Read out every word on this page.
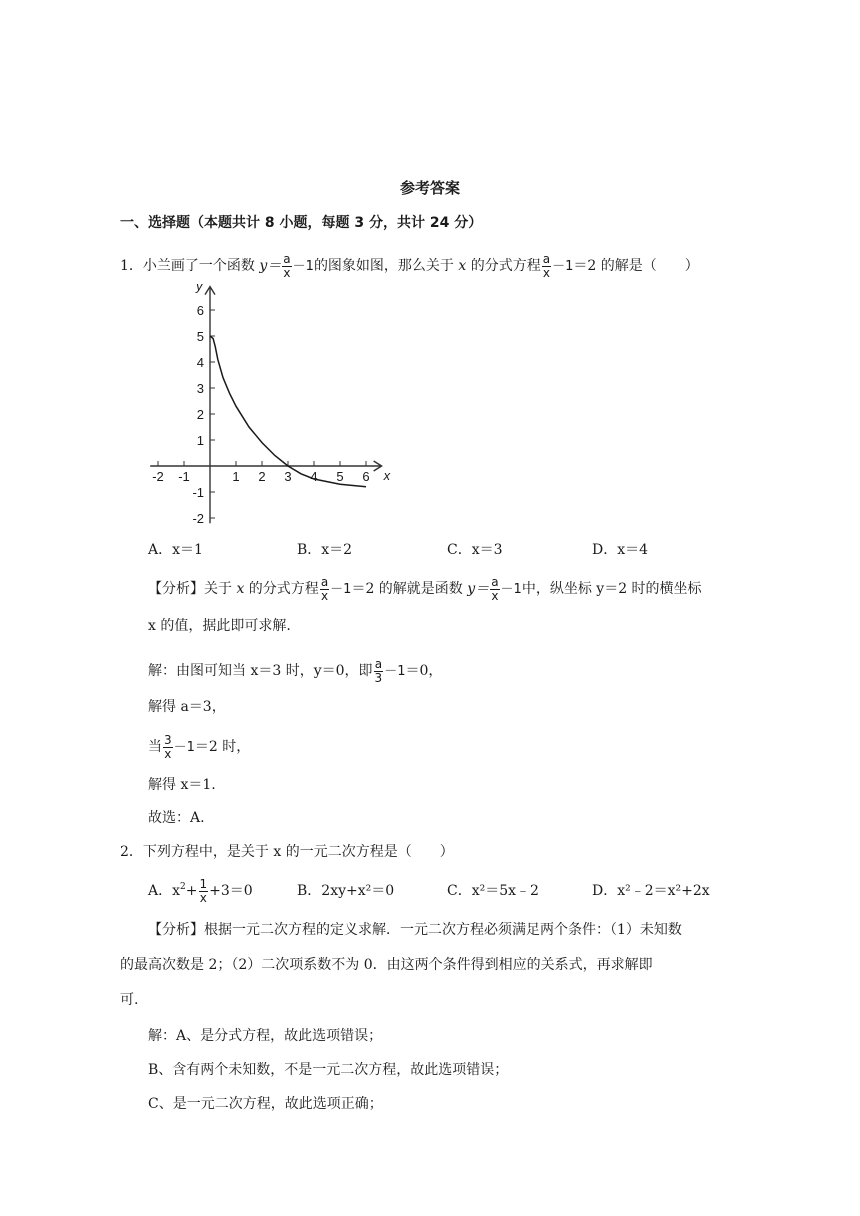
参考答案
一、选择题（本题共计 8 小题，每题 3 分，共计 24 分）
1．小兰画了一个函数 $y= \frac{a}{x} -1$的图象如图，那么关于 x 的分式方程 $\frac{a}{x} -1=2$ 的解是（　　）
6
5
4
3
2
1
-1
-2
-2 -1	1 2 3 4 5 6 x
y
A．x＝1	B．x＝2	C．x＝3	D．x＝4
【分析】关于 x 的分式方程 $\frac{a}{x} -1=2$ 的解就是函数 $y= \frac{a}{x} -1$中，纵坐标 y＝2 时的横坐标
x 的值，据此即可求解.
解：由图可知当 x＝3 时，y＝0，即 $\frac{a}{3} -1=0$，
解得 a＝3，
当 $\frac{3}{x} -1=2$ 时，
解得 x＝1.
故选：A.
2．下列方程中，是关于 x 的一元二次方程是（　　）
A．$x^2+ \frac{1}{x} +3=0$	B．2xy+x²＝0	C．x²＝5x﹣2	D．x²﹣2＝x²+2x
【分析】根据一元二次方程的定义求解．一元二次方程必须满足两个条件：（1）未知数
的最高次数是 2；（2）二次项系数不为 0．由这两个条件得到相应的关系式，再求解即
可.
解：A、是分式方程，故此选项错误；
B、含有两个未知数，不是一元二次方程，故此选项错误；
C、是一元二次方程，故此选项正确；
